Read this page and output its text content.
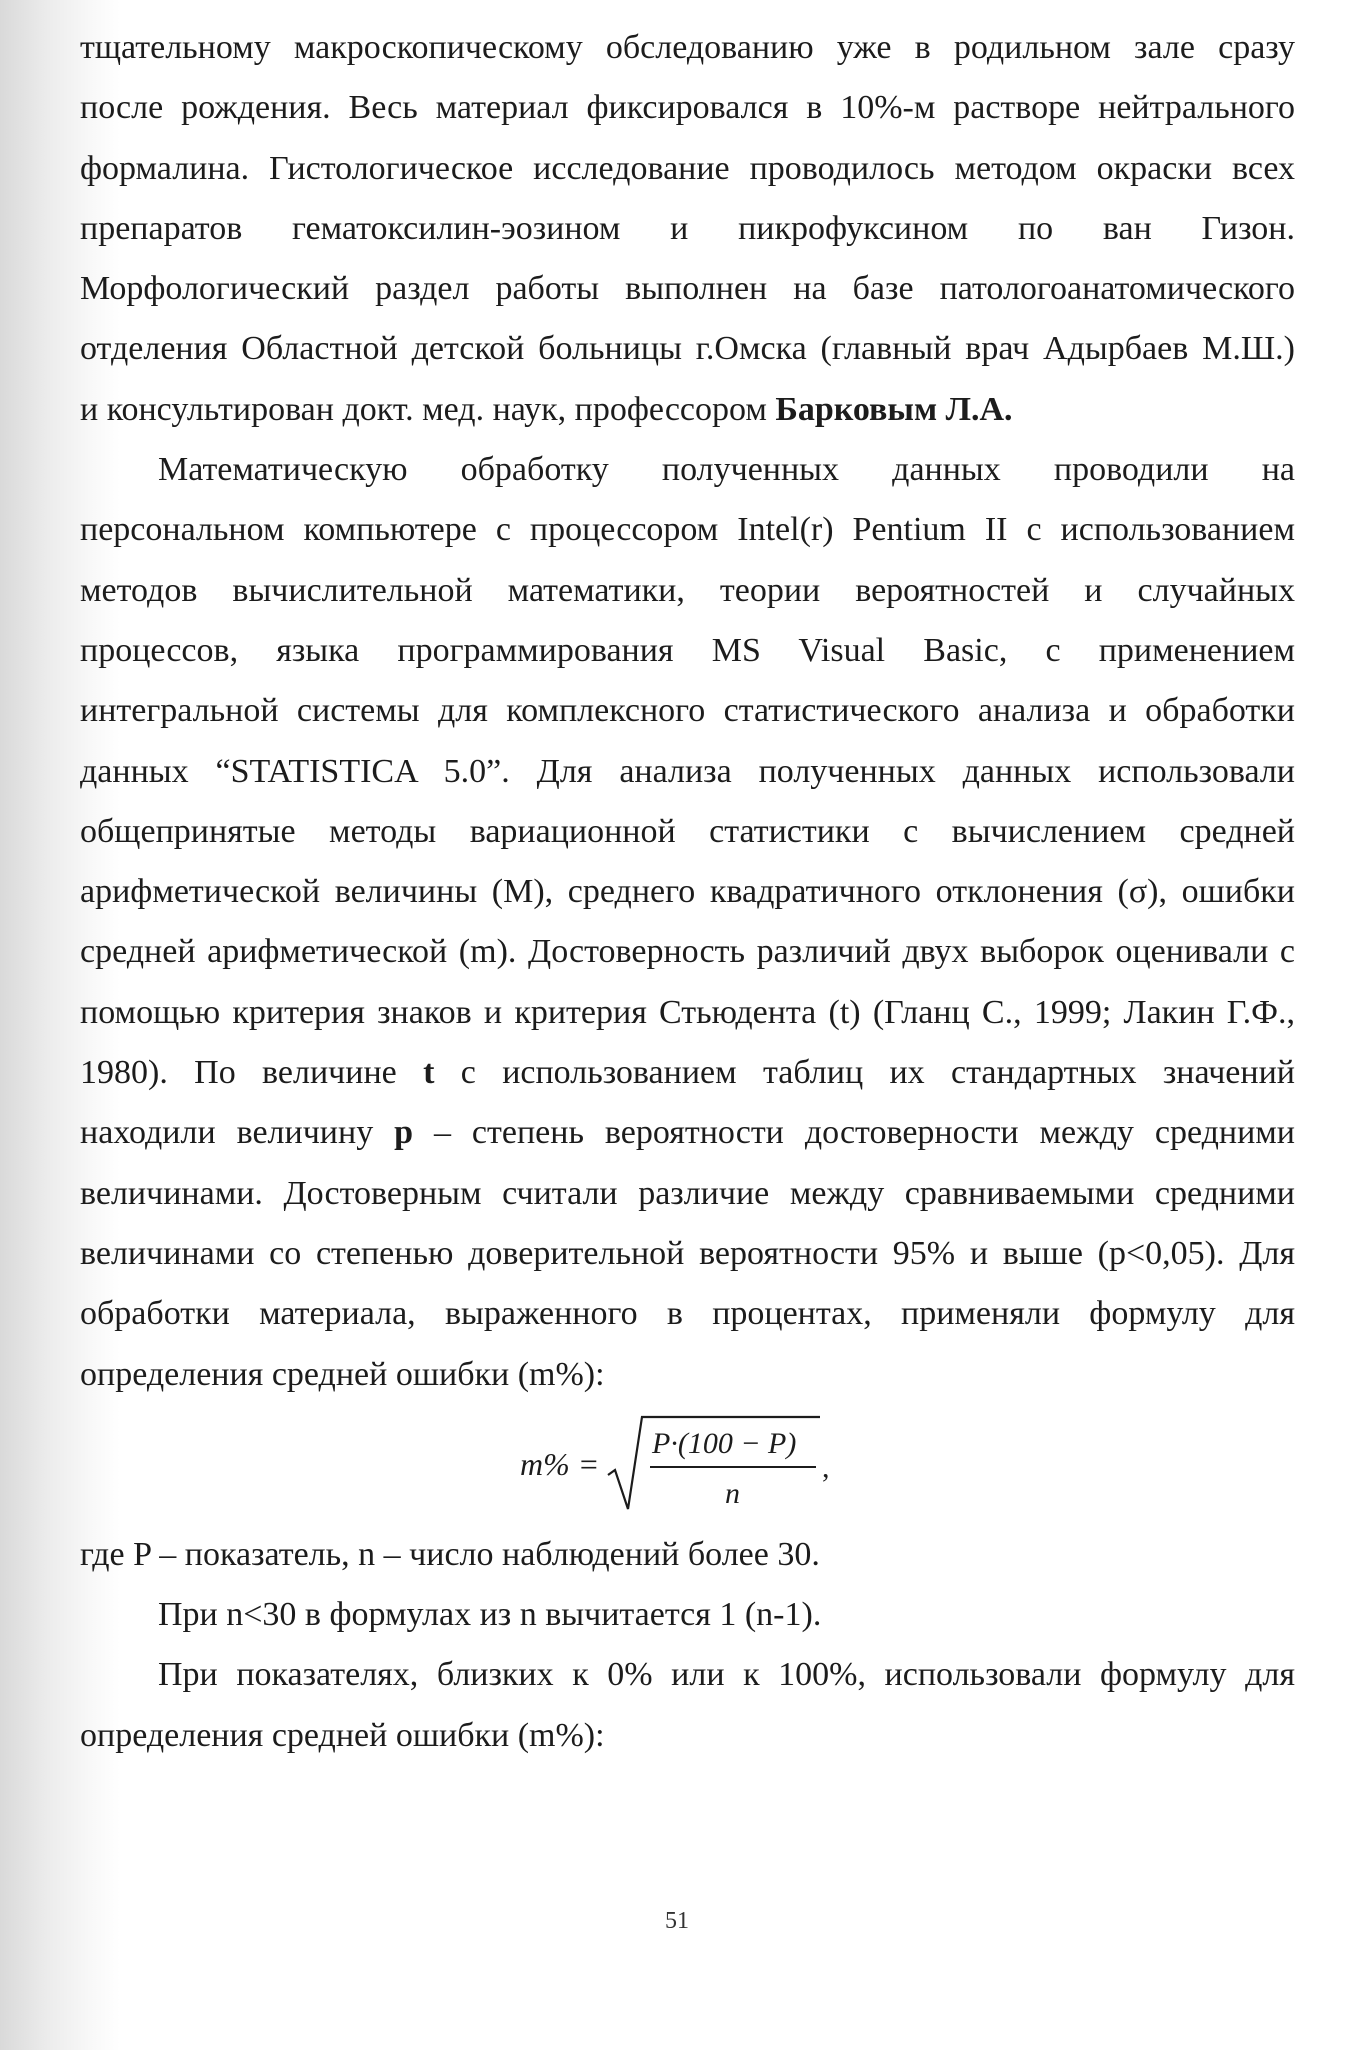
тщательному макроскопическому обследованию уже в родильном зале сразу
после рождения. Весь материал фиксировался в 10%-м растворе нейтрального
формалина. Гистологическое исследование проводилось методом окраски всех
препаратов гематоксилин-эозином и пикрофуксином по ван Гизон.
Морфологический раздел работы выполнен на базе патологоанатомического
отделения Областной детской больницы г.Омска (главный врач Адырбаев М.Ш.)
и консультирован докт. мед. наук, профессором Барковым Л.А.
Математическую обработку полученных данных проводили на
персональном компьютере с процессором Intel(r) Pentium II с использованием
методов вычислительной математики, теории вероятностей и случайных
процессов, языка программирования MS Visual Basic, с применением
интегральной системы для комплексного статистического анализа и обработки
данных “STATISTICA 5.0”. Для анализа полученных данных использовали
общепринятые методы вариационной статистики с вычислением средней
арифметической величины (М), среднего квадратичного отклонения (σ), ошибки
средней арифметической (m). Достоверность различий двух выборок оценивали с
помощью критерия знаков и критерия Стьюдента (t) (Гланц С., 1999; Лакин Г.Ф.,
1980). По величине t с использованием таблиц их стандартных значений
находили величину p – степень вероятности достоверности между средними
величинами. Достоверным считали различие между сравниваемыми средними
величинами со степенью доверительной вероятности 95% и выше (p<0,05). Для
обработки материала, выраженного в процентах, применяли формулу для
определения средней ошибки (m%):
m% =
P·(100 − P)
n
,
где P – показатель, n – число наблюдений более 30.
При n<30 в формулах из n вычитается 1 (n-1).
При показателях, близких к 0% или к 100%, использовали формулу для
определения средней ошибки (m%):
51
